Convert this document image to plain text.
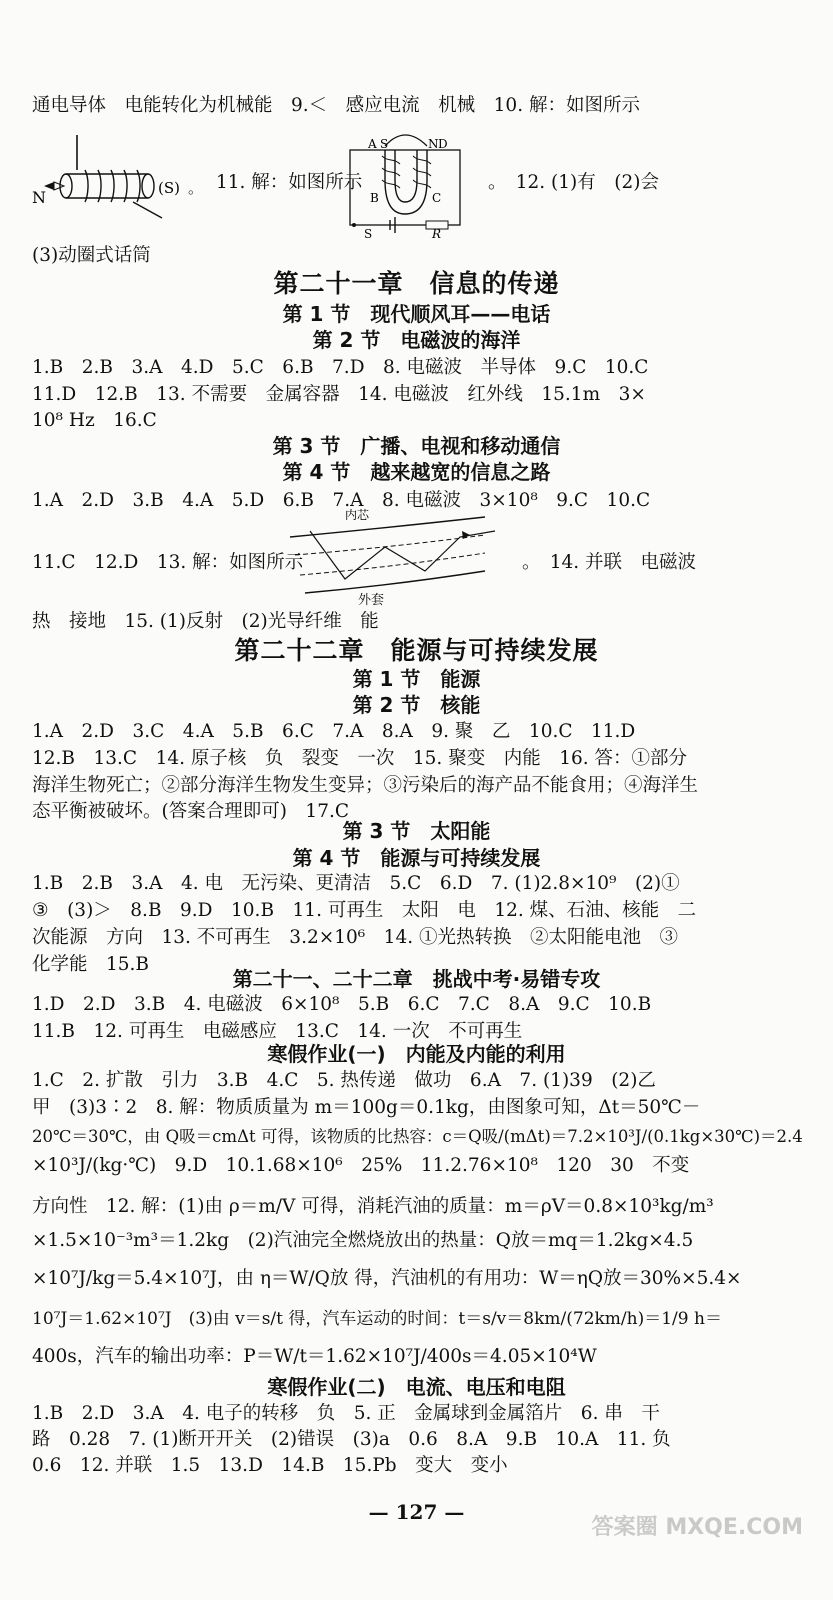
通电导体　电能转化为机械能　9.＜　感应电流　机械　10. 解：如图所示
N	(S) 。 11. 解：如图所示
A S	N D
B	C
S	R
。　12. (1)有　(2)会
(3)动圈式话筒
第二十一章　信息的传递
第 1 节　现代顺风耳——电话
第 2 节　电磁波的海洋
1.B　2.B　3.A　4.D　5.C　6.B　7.D　8. 电磁波　半导体　9.C　10.C
11.D　12.B　13. 不需要　金属容器　14. 电磁波　红外线　15.1m　3×
10⁸ Hz　16.C
第 3 节　广播、电视和移动通信
第 4 节　越来越宽的信息之路
1.A　2.D　3.B　4.A　5.D　6.B　7.A　8. 电磁波　3×10⁸　9.C　10.C
11.C　12.D　13. 解：如图所示
内芯
外套
。　14. 并联　电磁波
热　接地　15. (1)反射　(2)光导纤维　能
第二十二章　能源与可持续发展
第 1 节　能源
第 2 节　核能
1.A　2.D　3.C　4.A　5.B　6.C　7.A　8.A　9. 聚　乙　10.C　11.D
12.B　13.C　14. 原子核　负　裂变　一次　15. 聚变　内能　16. 答：①部分
海洋生物死亡；②部分海洋生物发生变异；③污染后的海产品不能食用；④海洋生
态平衡被破坏。(答案合理即可)　17.C
第 3 节　太阳能
第 4 节　能源与可持续发展
1.B　2.B　3.A　4. 电　无污染、更清洁　5.C　6.D　7. (1)2.8×10⁹　(2)①
③　(3)＞　8.B　9.D　10.B　11. 可再生　太阳　电　12. 煤、石油、核能　二
次能源　方向　13. 不可再生　3.2×10⁶　14. ①光热转换　②太阳能电池　③
化学能　15.B
第二十一、二十二章　挑战中考·易错专攻
1.D　2.D　3.B　4. 电磁波　6×10⁸　5.B　6.C　7.C　8.A　9.C　10.B
11.B　12. 可再生　电磁感应　13.C　14. 一次　不可再生
寒假作业(一)　内能及内能的利用
1.C　2. 扩散　引力　3.B　4.C　5. 热传递　做功　6.A　7. (1)39　(2)乙
甲　(3)3∶2　8. 解：物质质量为 m＝100g＝0.1kg，由图象可知，Δt＝50℃－
20℃＝30℃，由 Q吸＝cmΔt 可得，该物质的比热容：c＝Q吸/(mΔt)＝7.2×10³J/(0.1kg×30℃)＝2.4
×10³J/(kg·℃)　9.D　10.1.68×10⁶　25%　11.2.76×10⁸　120　30　不变
方向性　12. 解：(1)由 ρ＝m/V 可得，消耗汽油的质量：m＝ρV＝0.8×10³kg/m³
×1.5×10⁻³m³＝1.2kg　(2)汽油完全燃烧放出的热量：Q放＝mq＝1.2kg×4.5
×10⁷J/kg＝5.4×10⁷J，由 η＝W/Q放 得，汽油机的有用功：W＝ηQ放＝30%×5.4×
10⁷J＝1.62×10⁷J　(3)由 v＝s/t 得，汽车运动的时间：t＝s/v＝8km/(72km/h)＝1/9 h＝
400s，汽车的输出功率：P＝W/t＝1.62×10⁷J/400s＝4.05×10⁴W
寒假作业(二)　电流、电压和电阻
1.B　2.D　3.A　4. 电子的转移　负　5. 正　金属球到金属箔片　6. 串　干
路　0.28　7. (1)断开开关　(2)错误　(3)a　0.6　8.A　9.B　10.A　11. 负
0.6　12. 并联　1.5　13.D　14.B　15.Pb　变大　变小
— 127 —
答案圈 MXQE.COM
